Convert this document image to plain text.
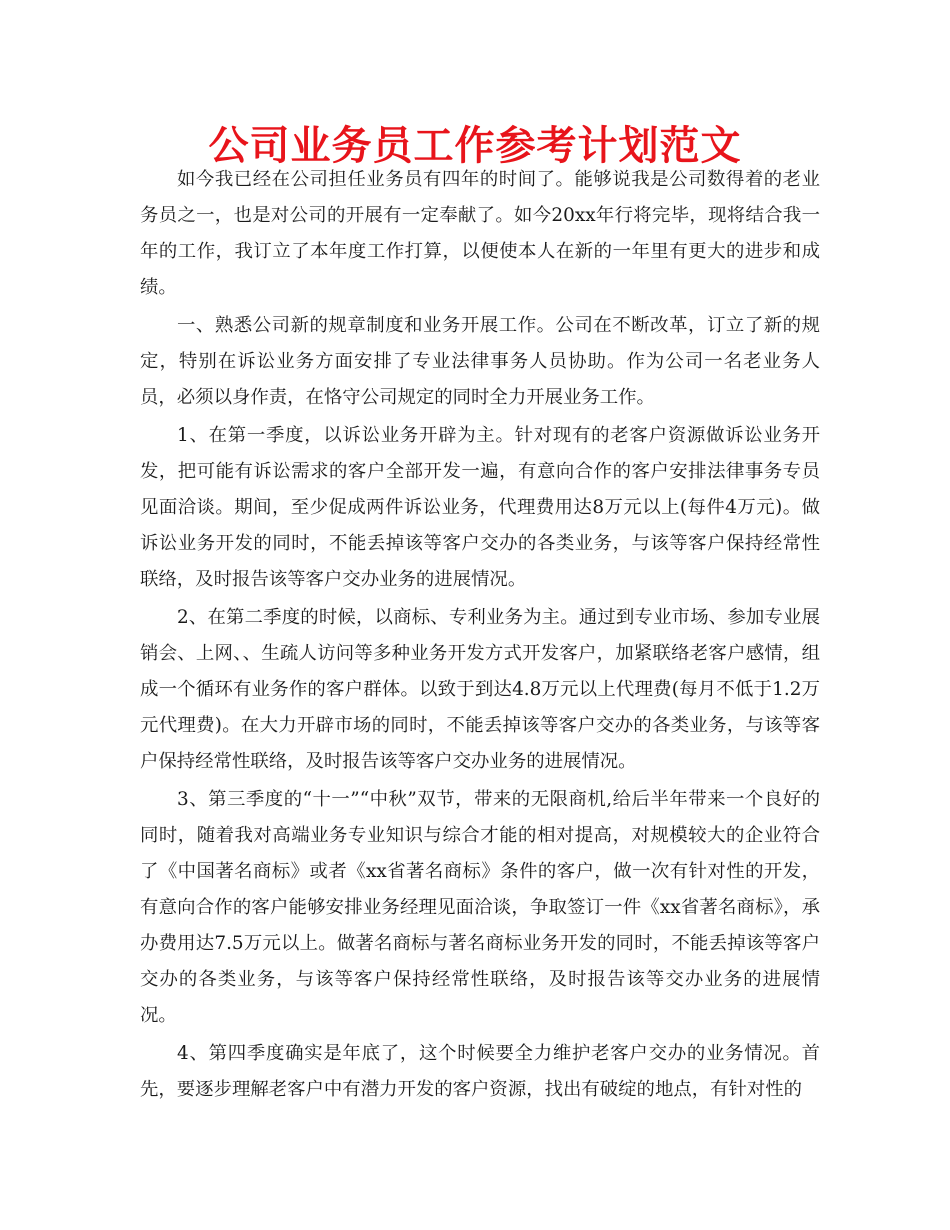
公司业务员工作参考计划范文

如今我已经在公司担任业务员有四年的时间了。能够说我是公司数得着的老业务员之一，也是对公司的开展有一定奉献了。如今20xx年行将完毕，现将结合我一年的工作，我订立了本年度工作打算，以便使本人在新的一年里有更大的进步和成绩。

一、熟悉公司新的规章制度和业务开展工作。公司在不断改革，订立了新的规定，特别在诉讼业务方面安排了专业法律事务人员协助。作为公司一名老业务人员，必须以身作责，在恪守公司规定的同时全力开展业务工作。

1、在第一季度，以诉讼业务开辟为主。针对现有的老客户资源做诉讼业务开发，把可能有诉讼需求的客户全部开发一遍，有意向合作的客户安排法律事务专员见面洽谈。期间，至少促成两件诉讼业务，代理费用达8万元以上(每件4万元)。做诉讼业务开发的同时，不能丢掉该等客户交办的各类业务，与该等客户保持经常性联络，及时报告该等客户交办业务的进展情况。

2、在第二季度的时候，以商标、专利业务为主。通过到专业市场、参加专业展销会、上网、、生疏人访问等多种业务开发方式开发客户，加紧联络老客户感情，组成一个循环有业务作的客户群体。以致于到达4.8万元以上代理费(每月不低于1.2万元代理费)。在大力开辟市场的同时，不能丢掉该等客户交办的各类业务，与该等客户保持经常性联络，及时报告该等客户交办业务的进展情况。

3、第三季度的“十一”“中秋”双节，带来的无限商机,给后半年带来一个良好的同时，随着我对高端业务专业知识与综合才能的相对提高，对规模较大的企业符合了《中国著名商标》或者《xx省著名商标》条件的客户，做一次有针对性的开发，有意向合作的客户能够安排业务经理见面洽谈，争取签订一件《xx省著名商标》，承办费用达7.5万元以上。做著名商标与著名商标业务开发的同时，不能丢掉该等客户交办的各类业务，与该等客户保持经常性联络，及时报告该等交办业务的进展情况。

4、第四季度确实是年底了，这个时候要全力维护老客户交办的业务情况。首先，要逐步理解老客户中有潜力开发的客户资源，找出有破绽的地点，有针对性的
